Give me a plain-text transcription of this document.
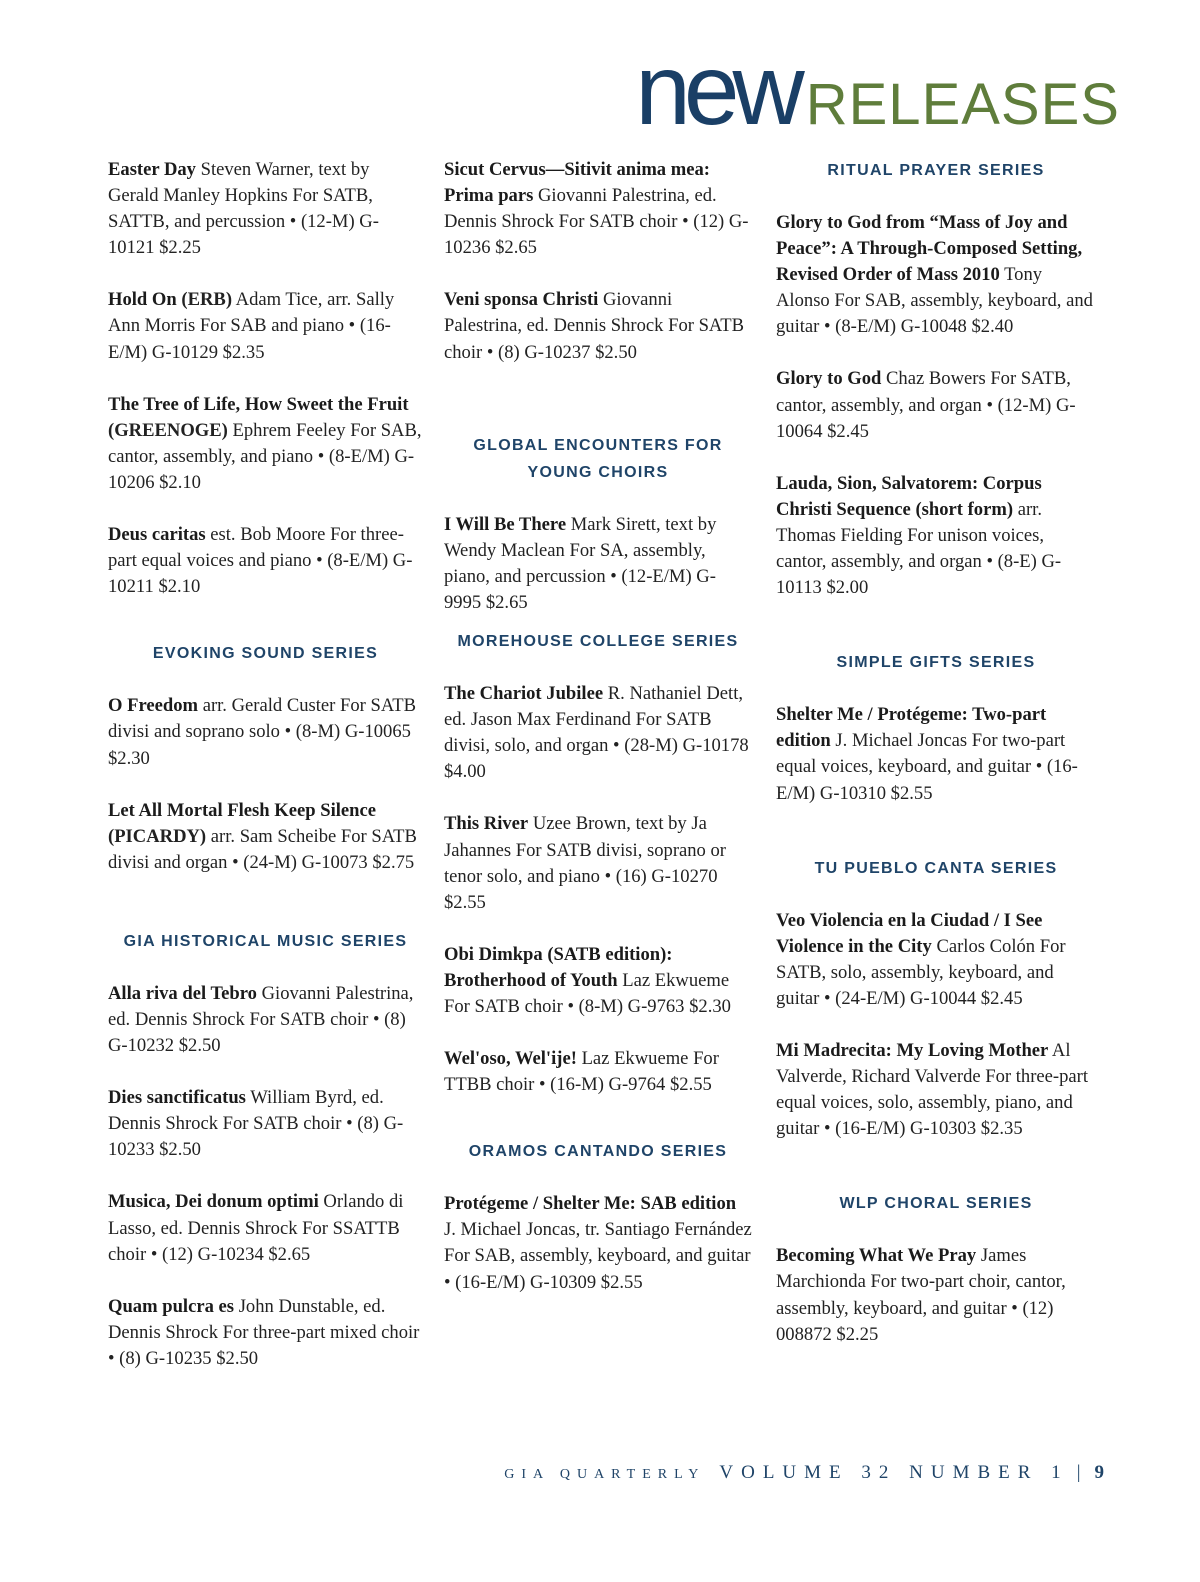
new RELEASES

Easter Day Steven Warner, text by Gerald Manley Hopkins For SATB, SATTB, and percussion • (12-M) G-10121 $2.25

Hold On (ERB) Adam Tice, arr. Sally Ann Morris For SAB and piano • (16-E/M) G-10129 $2.35

The Tree of Life, How Sweet the Fruit (GREENOGE) Ephrem Feeley For SAB, cantor, assembly, and piano • (8-E/M) G-10206 $2.10

Deus caritas est. Bob Moore For three-part equal voices and piano • (8-E/M) G-10211 $2.10

EVOKING SOUND SERIES

O Freedom arr. Gerald Custer For SATB divisi and soprano solo • (8-M) G-10065 $2.30

Let All Mortal Flesh Keep Silence (PICARDY) arr. Sam Scheibe For SATB divisi and organ • (24-M) G-10073 $2.75

GIA HISTORICAL MUSIC SERIES

Alla riva del Tebro Giovanni Palestrina, ed. Dennis Shrock For SATB choir • (8) G-10232 $2.50

Dies sanctificatus William Byrd, ed. Dennis Shrock For SATB choir • (8) G-10233 $2.50

Musica, Dei donum optimi Orlando di Lasso, ed. Dennis Shrock For SSATTB choir • (12) G-10234 $2.65

Quam pulcra es John Dunstable, ed. Dennis Shrock For three-part mixed choir • (8) G-10235 $2.50

Sicut Cervus—Sitivit anima mea: Prima pars Giovanni Palestrina, ed. Dennis Shrock For SATB choir • (12) G-10236 $2.65

Veni sponsa Christi Giovanni Palestrina, ed. Dennis Shrock For SATB choir • (8) G-10237 $2.50

GLOBAL ENCOUNTERS FOR YOUNG CHOIRS

I Will Be There Mark Sirett, text by Wendy Maclean For SA, assembly, piano, and percussion • (12-E/M) G-9995 $2.65

MOREHOUSE COLLEGE SERIES

The Chariot Jubilee R. Nathaniel Dett, ed. Jason Max Ferdinand For SATB divisi, solo, and organ • (28-M) G-10178 $4.00

This River Uzee Brown, text by Ja Jahannes For SATB divisi, soprano or tenor solo, and piano • (16) G-10270 $2.55

Obi Dimkpa (SATB edition): Brotherhood of Youth Laz Ekwueme For SATB choir • (8-M) G-9763 $2.30

Wel'oso, Wel'ije! Laz Ekwueme For TTBB choir • (16-M) G-9764 $2.55

ORAMOS CANTANDO SERIES

Protégeme / Shelter Me: SAB edition J. Michael Joncas, tr. Santiago Fernández For SAB, assembly, keyboard, and guitar • (16-E/M) G-10309 $2.55

RITUAL PRAYER SERIES

Glory to God from “Mass of Joy and Peace”: A Through-Composed Setting, Revised Order of Mass 2010 Tony Alonso For SAB, assembly, keyboard, and guitar • (8-E/M) G-10048 $2.40

Glory to God Chaz Bowers For SATB, cantor, assembly, and organ • (12-M) G-10064 $2.45

Lauda, Sion, Salvatorem: Corpus Christi Sequence (short form) arr. Thomas Fielding For unison voices, cantor, assembly, and organ • (8-E) G-10113 $2.00

SIMPLE GIFTS SERIES

Shelter Me / Protégeme: Two-part edition J. Michael Joncas For two-part equal voices, keyboard, and guitar • (16-E/M) G-10310 $2.55

TU PUEBLO CANTA SERIES

Veo Violencia en la Ciudad / I See Violence in the City Carlos Colón For SATB, solo, assembly, keyboard, and guitar • (24-E/M) G-10044 $2.45

Mi Madrecita: My Loving Mother Al Valverde, Richard Valverde For three-part equal voices, solo, assembly, piano, and guitar • (16-E/M) G-10303 $2.35

WLP CHORAL SERIES

Becoming What We Pray James Marchionda For two-part choir, cantor, assembly, keyboard, and guitar • (12) 008872 $2.25

GIA QUARTERLY VOLUME 32 NUMBER 1 | 9
